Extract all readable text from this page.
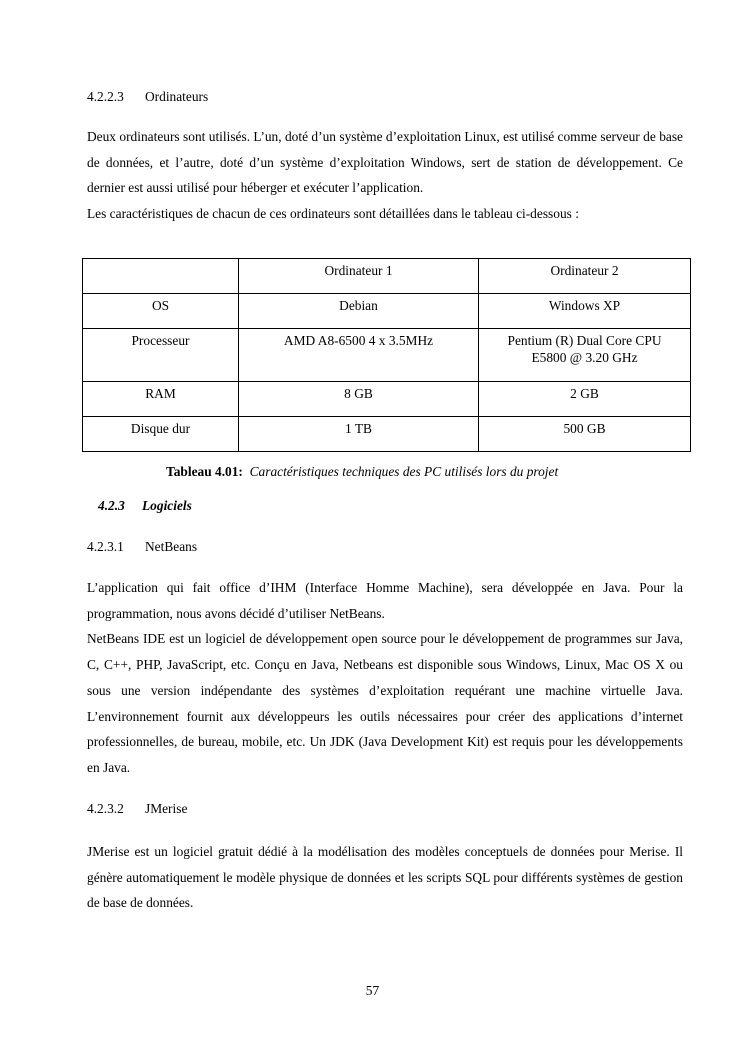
4.2.2.3 Ordinateurs

Deux ordinateurs sont utilisés. L’un, doté d’un système d’exploitation Linux, est utilisé comme serveur de base de données, et l’autre, doté d’un système d’exploitation Windows, sert de station de développement. Ce dernier est aussi utilisé pour héberger et exécuter l’application.

Les caractéristiques de chacun de ces ordinateurs sont détaillées dans le tableau ci-dessous :

	Ordinateur 1	Ordinateur 2
OS	Debian	Windows XP
Processeur	AMD A8-6500 4 x 3.5MHz	Pentium (R) Dual Core CPU E5800 @ 3.20 GHz
RAM	8 GB	2 GB
Disque dur	1 TB	500 GB
Tableau 4.01: Caractéristiques techniques des PC utilisés lors du projet
4.2.3 Logiciels
4.2.3.1 NetBeans

L’application qui fait office d’IHM (Interface Homme Machine), sera développée en Java. Pour la programmation, nous avons décidé d’utiliser NetBeans.

NetBeans IDE est un logiciel de développement open source pour le développement de programmes sur Java, C, C++, PHP, JavaScript, etc. Conçu en Java, Netbeans est disponible sous Windows, Linux, Mac OS X ou sous une version indépendante des systèmes d’exploitation requérant une machine virtuelle Java. L’environnement fournit aux développeurs les outils nécessaires pour créer des applications d’internet professionnelles, de bureau, mobile, etc. Un JDK (Java Development Kit) est requis pour les développements en Java.

4.2.3.2 JMerise

JMerise est un logiciel gratuit dédié à la modélisation des modèles conceptuels de données pour Merise. Il génère automatiquement le modèle physique de données et les scripts SQL pour différents systèmes de gestion de base de données.

57
